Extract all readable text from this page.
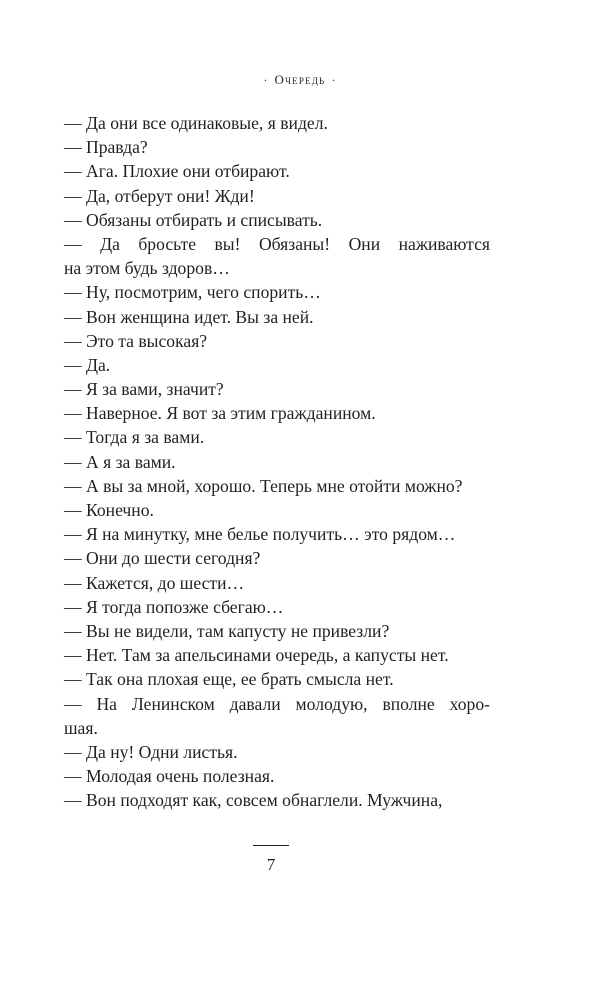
· Очередь ·
— Да они все одинаковые, я видел.
— Правда?
— Ага. Плохие они отбирают.
— Да, отберут они! Жди!
— Обязаны отбирать и списывать.
— Да бросьте вы! Обязаны! Они наживаются
на этом будь здоров…
— Ну, посмотрим, чего спорить…
— Вон женщина идет. Вы за ней.
— Это та высокая?
— Да.
— Я за вами, значит?
— Наверное. Я вот за этим гражданином.
— Тогда я за вами.
— А я за вами.
— А вы за мной, хорошо. Теперь мне отойти можно?
— Конечно.
— Я на минутку, мне белье получить… это рядом…
— Они до шести сегодня?
— Кажется, до шести…
— Я тогда попозже сбегаю…
— Вы не видели, там капусту не привезли?
— Нет. Там за апельсинами очередь, а капусты нет.
— Так она плохая еще, ее брать смысла нет.
— На Ленинском давали молодую, вполне хоро-
шая.
— Да ну! Одни листья.
— Молодая очень полезная.
— Вон подходят как, совсем обнаглели. Мужчина,
7
